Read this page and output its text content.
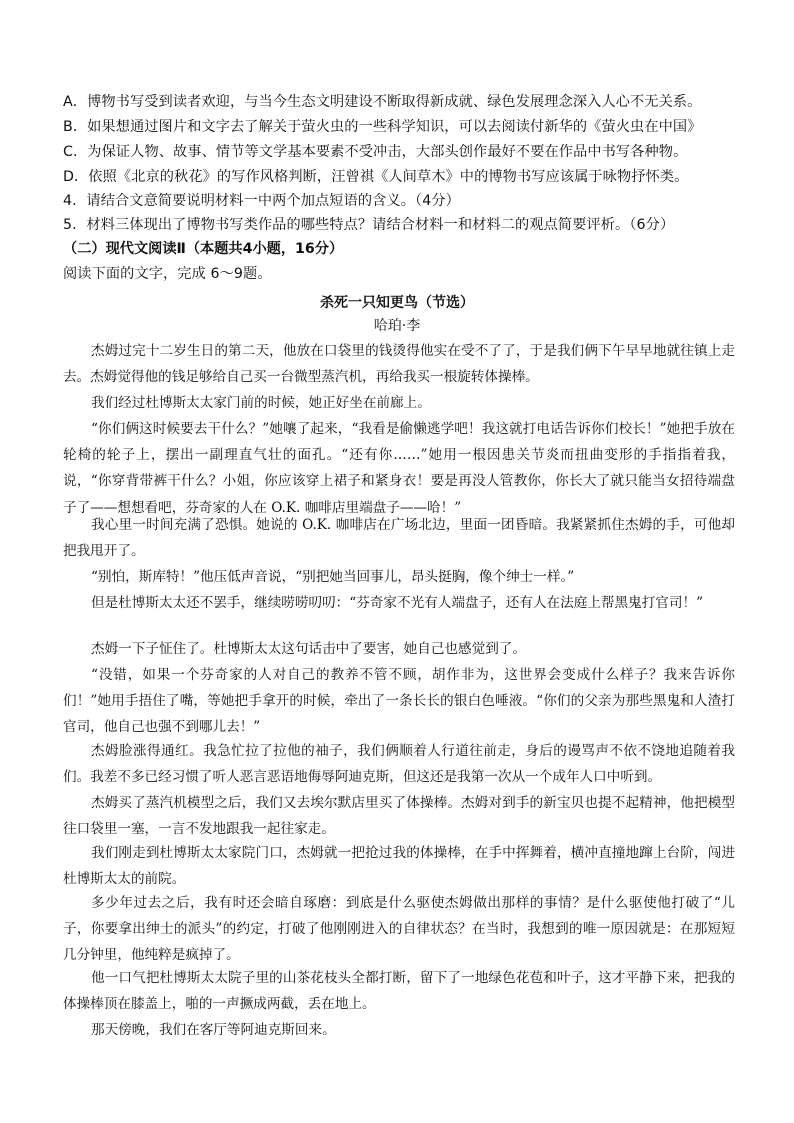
A．博物书写受到读者欢迎，与当今生态文明建设不断取得新成就、绿色发展理念深入人心不无关系。
B．如果想通过图片和文字去了解关于萤火虫的一些科学知识，可以去阅读付新华的《萤火虫在中国》
C．为保证人物、故事、情节等文学基本要素不受冲击，大部头创作最好不要在作品中书写各种物。
D．依照《北京的秋花》的写作风格判断，汪曾祺《人间草木》中的博物书写应该属于咏物抒怀类。
4．请结合文意简要说明材料一中两个加点短语的含义。（4分）
5．材料三体现出了博物书写类作品的哪些特点？请结合材料一和材料二的观点简要评析。（6分）
（二）现代文阅读Ⅱ（本题共4小题，16分）
阅读下面的文字，完成 6～9题。
杀死一只知更鸟（节选）
哈珀·李

杰姆过完十二岁生日的第二天，他放在口袋里的钱烫得他实在受不了了，于是我们俩下午早早地就往镇上走去。杰姆觉得他的钱足够给自己买一台微型蒸汽机，再给我买一根旋转体操棒。

我们经过杜博斯太太家门前的时候，她正好坐在前廊上。

“你们俩这时候要去干什么？”她嚷了起来，“我看是偷懒逃学吧！我这就打电话告诉你们校长！”她把手放在轮椅的轮子上，摆出一副理直气壮的面孔。“还有你……”她用一根因患关节炎而扭曲变形的手指指着我，说，“你穿背带裤干什么？小姐，你应该穿上裙子和紧身衣！要是再没人管教你，你长大了就只能当女招待端盘子了——想想看吧，芬奇家的人在 O.K. 咖啡店里端盘子——哈！”

我心里一时间充满了恐惧。她说的 O.K. 咖啡店在广场北边，里面一团昏暗。我紧紧抓住杰姆的手，可他却把我甩开了。

“别怕，斯库特！”他压低声音说，“别把她当回事儿，昂头挺胸，像个绅士一样。”

但是杜博斯太太还不罢手，继续唠唠叨叨：“芬奇家不光有人端盘子，还有人在法庭上帮黑鬼打官司！”

杰姆一下子怔住了。杜博斯太太这句话击中了要害，她自己也感觉到了。

“没错，如果一个芬奇家的人对自己的教养不管不顾，胡作非为，这世界会变成什么样子？我来告诉你们！”她用手捂住了嘴，等她把手拿开的时候，牵出了一条长长的银白色唾液。“你们的父亲为那些黑鬼和人渣打官司，他自己也强不到哪儿去！”

杰姆脸涨得通红。我急忙拉了拉他的袖子，我们俩顺着人行道往前走，身后的谩骂声不依不饶地追随着我们。我差不多已经习惯了听人恶言恶语地侮辱阿迪克斯，但这还是我第一次从一个成年人口中听到。

杰姆买了蒸汽机模型之后，我们又去埃尔默店里买了体操棒。杰姆对到手的新宝贝也提不起精神，他把模型往口袋里一塞，一言不发地跟我一起往家走。

我们刚走到杜博斯太太家院门口，杰姆就一把抢过我的体操棒，在手中挥舞着，横冲直撞地蹿上台阶，闯进杜博斯太太的前院。

多少年过去之后，我有时还会暗自琢磨：到底是什么驱使杰姆做出那样的事情？是什么驱使他打破了“儿子，你要拿出绅士的派头”的约定，打破了他刚刚进入的自律状态？在当时，我想到的唯一原因就是：在那短短几分钟里，他纯粹是疯掉了。

他一口气把杜博斯太太院子里的山茶花枝头全都打断，留下了一地绿色花苞和叶子，这才平静下来，把我的体操棒顶在膝盖上，啪的一声撅成两截，丢在地上。

那天傍晚，我们在客厅等阿迪克斯回来。
